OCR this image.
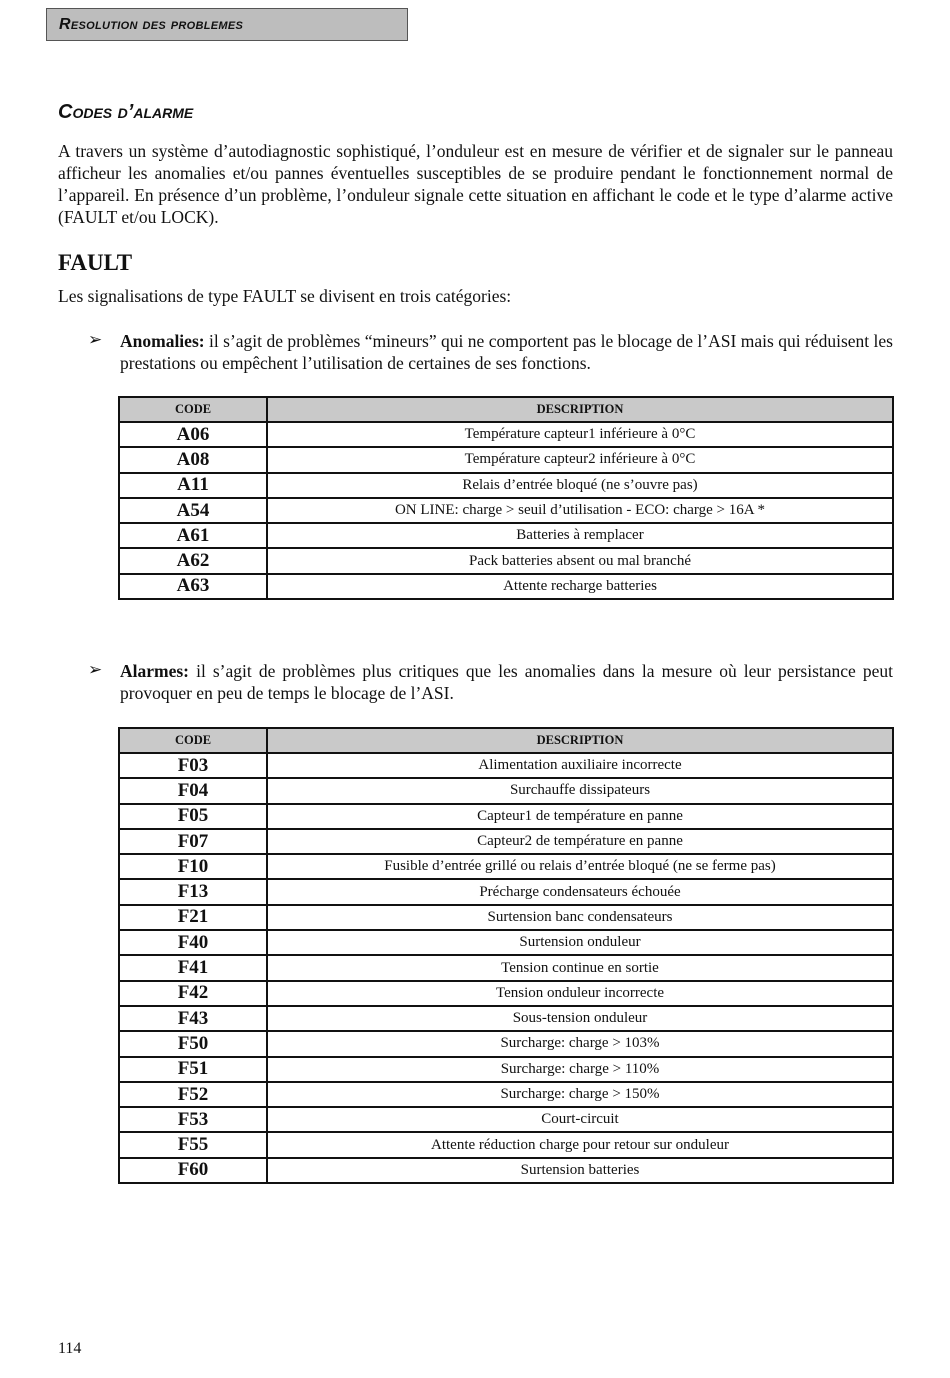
Resolution des problemes
Codes d’alarme
A travers un système d’autodiagnostic sophistiqué, l’onduleur est en mesure de vérifier et de signaler sur le panneau afficheur les anomalies et/ou pannes éventuelles susceptibles de se produire pendant le fonctionnement normal de l’appareil. En présence d’un problème, l’onduleur signale cette situation en affichant le code et le type d’alarme active (FAULT et/ou LOCK).
FAULT
Les signalisations de type FAULT se divisent en trois catégories:
➢ Anomalies: il s’agit de problèmes “mineurs” qui ne comportent pas le blocage de l’ASI mais qui réduisent les prestations ou empêchent l’utilisation de certaines de ses fonctions.
CODE	DESCRIPTION
A06	Température capteur1 inférieure à 0°C
A08	Température capteur2 inférieure à 0°C
A11	Relais d’entrée bloqué (ne s’ouvre pas)
A54	ON LINE: charge > seuil d’utilisation - ECO: charge > 16A *
A61	Batteries à remplacer
A62	Pack batteries absent ou mal branché
A63	Attente recharge batteries
➢ Alarmes: il s’agit de problèmes plus critiques que les anomalies dans la mesure où leur persistance peut provoquer en peu de temps le blocage de l’ASI.
CODE	DESCRIPTION
F03	Alimentation auxiliaire incorrecte
F04	Surchauffe dissipateurs
F05	Capteur1 de température en panne
F07	Capteur2 de température en panne
F10	Fusible d’entrée grillé ou relais d’entrée bloqué (ne se ferme pas)
F13	Précharge condensateurs échouée
F21	Surtension banc condensateurs
F40	Surtension onduleur
F41	Tension continue en sortie
F42	Tension onduleur incorrecte
F43	Sous-tension onduleur
F50	Surcharge: charge > 103%
F51	Surcharge: charge > 110%
F52	Surcharge: charge > 150%
F53	Court-circuit
F55	Attente réduction charge pour retour sur onduleur
F60	Surtension batteries
114
